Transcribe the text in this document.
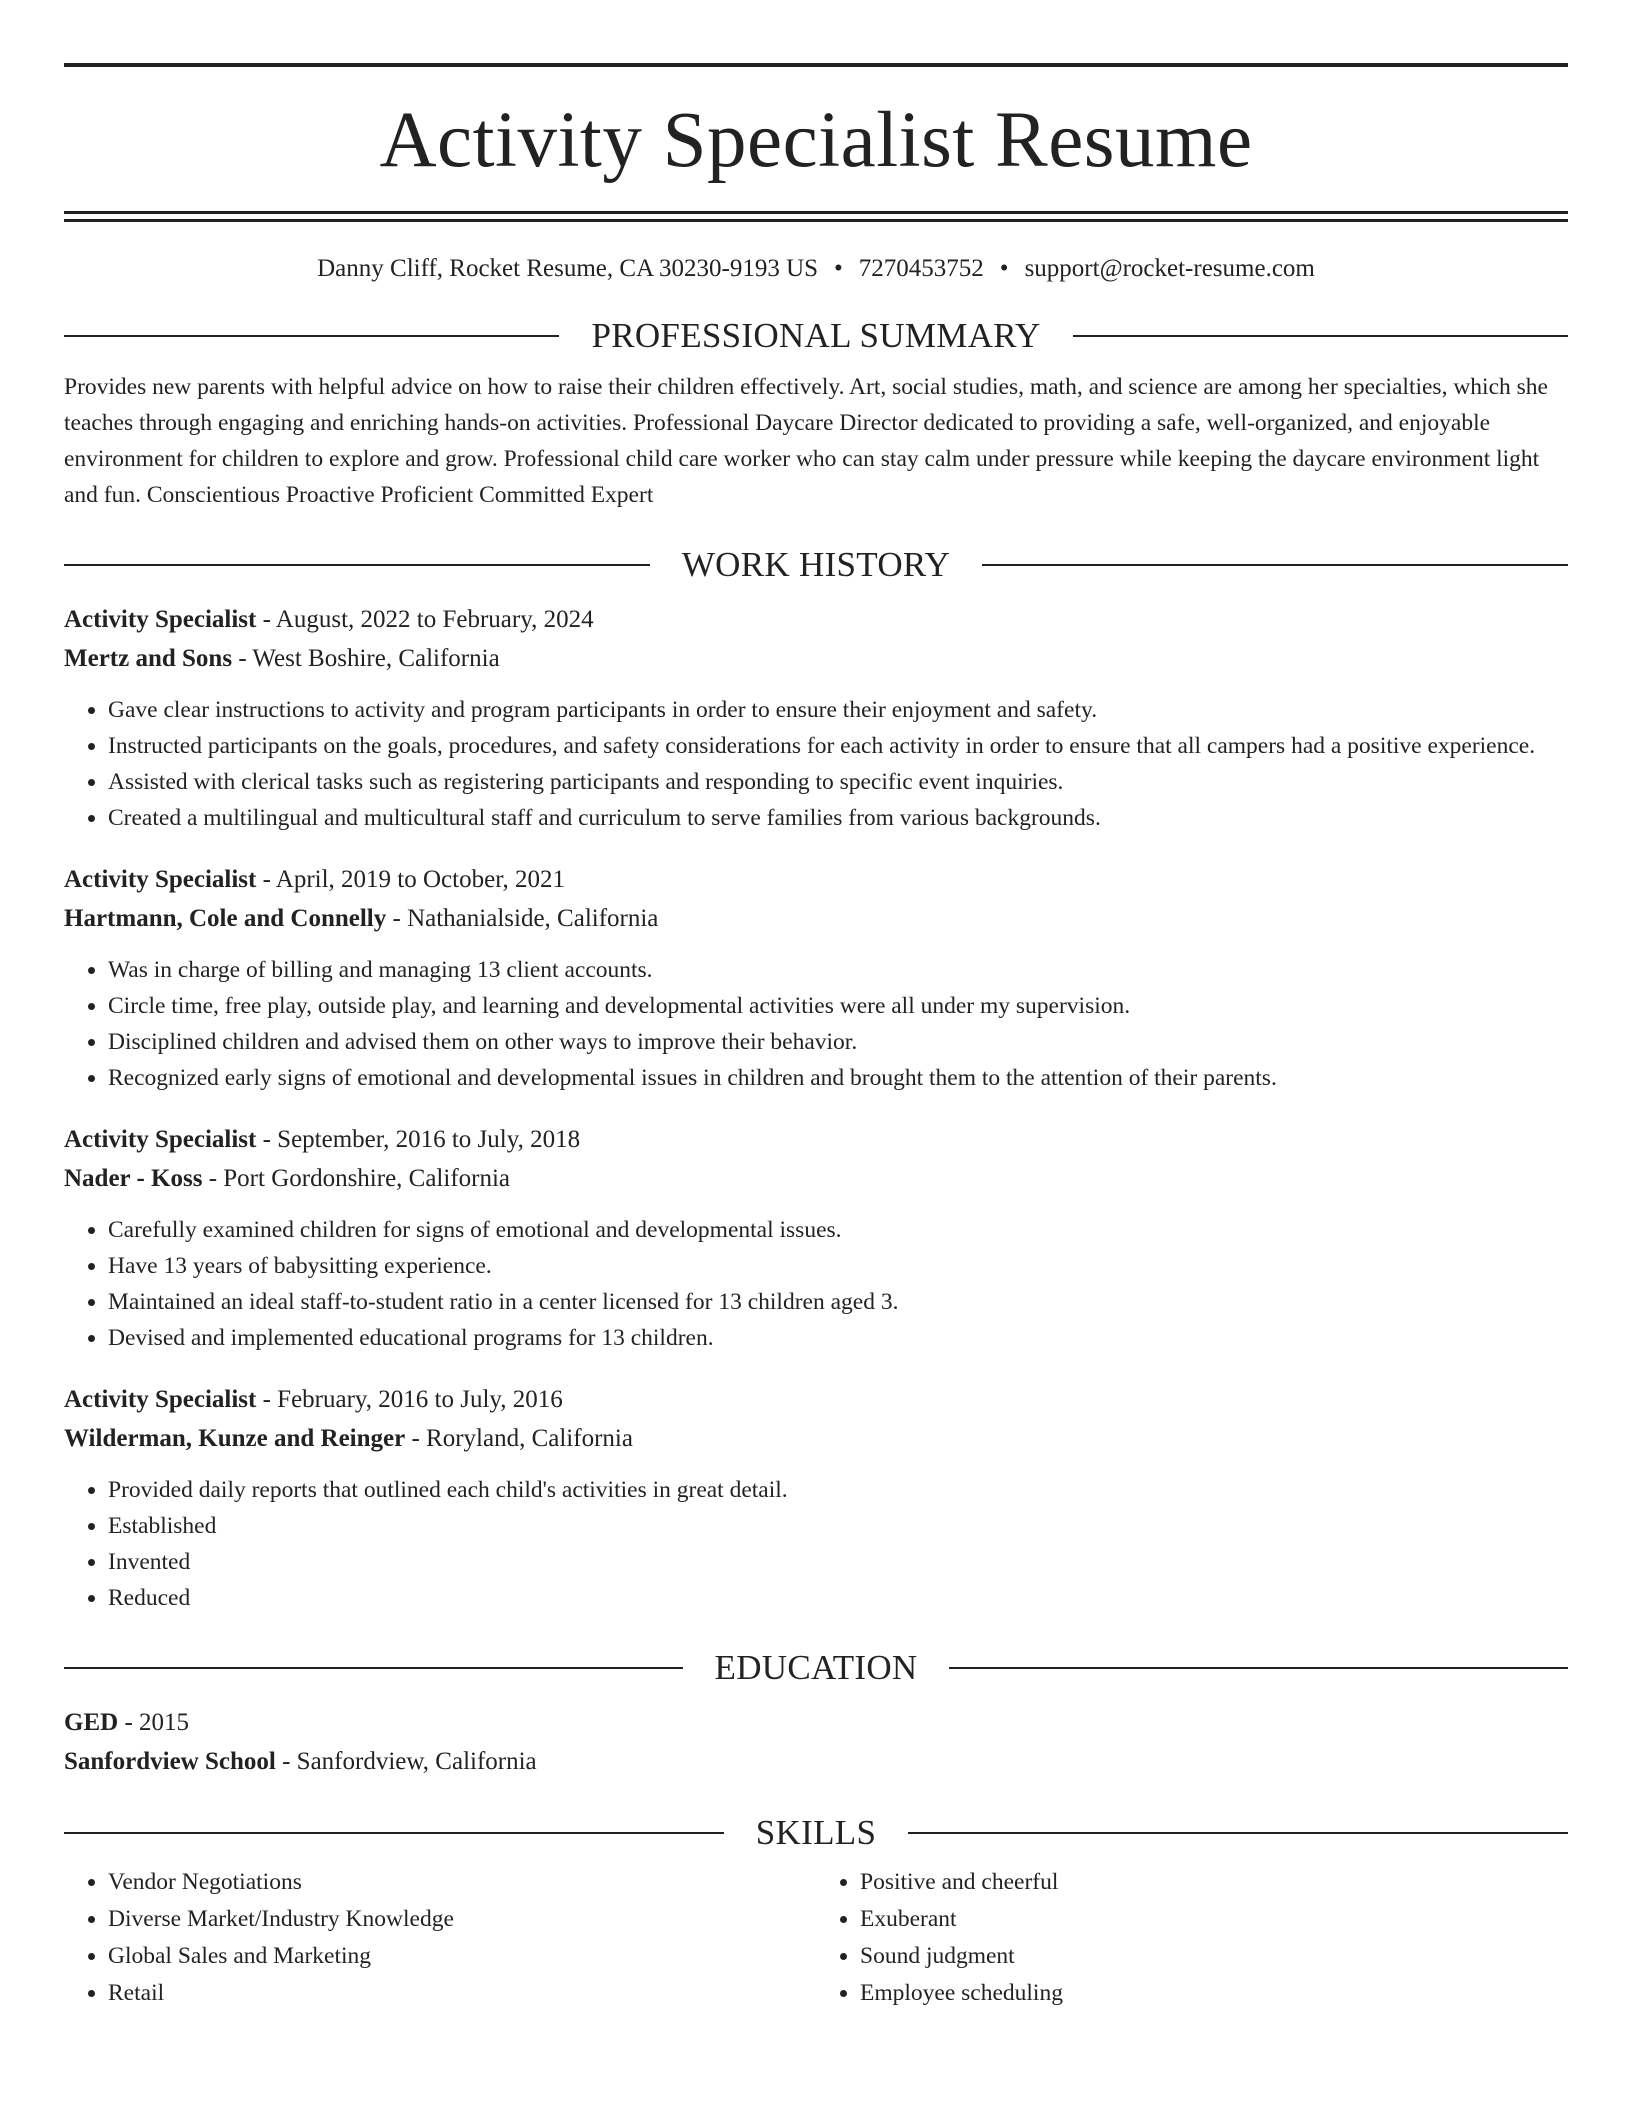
Activity Specialist Resume
Danny Cliff, Rocket Resume, CA 30230-9193 US • 7270453752 • support@rocket-resume.com
PROFESSIONAL SUMMARY
Provides new parents with helpful advice on how to raise their children effectively. Art, social studies, math, and science are among her specialties, which she teaches through engaging and enriching hands-on activities. Professional Daycare Director dedicated to providing a safe, well-organized, and enjoyable environment for children to explore and grow. Professional child care worker who can stay calm under pressure while keeping the daycare environment light and fun. Conscientious Proactive Proficient Committed Expert
WORK HISTORY
Activity Specialist - August, 2022 to February, 2024
Mertz and Sons - West Boshire, California
• Gave clear instructions to activity and program participants in order to ensure their enjoyment and safety.
• Instructed participants on the goals, procedures, and safety considerations for each activity in order to ensure that all campers had a positive experience.
• Assisted with clerical tasks such as registering participants and responding to specific event inquiries.
• Created a multilingual and multicultural staff and curriculum to serve families from various backgrounds.
Activity Specialist - April, 2019 to October, 2021
Hartmann, Cole and Connelly - Nathanialside, California
• Was in charge of billing and managing 13 client accounts.
• Circle time, free play, outside play, and learning and developmental activities were all under my supervision.
• Disciplined children and advised them on other ways to improve their behavior.
• Recognized early signs of emotional and developmental issues in children and brought them to the attention of their parents.
Activity Specialist - September, 2016 to July, 2018
Nader - Koss - Port Gordonshire, California
• Carefully examined children for signs of emotional and developmental issues.
• Have 13 years of babysitting experience.
• Maintained an ideal staff-to-student ratio in a center licensed for 13 children aged 3.
• Devised and implemented educational programs for 13 children.
Activity Specialist - February, 2016 to July, 2016
Wilderman, Kunze and Reinger - Roryland, California
• Provided daily reports that outlined each child's activities in great detail.
• Established
• Invented
• Reduced
EDUCATION
GED - 2015
Sanfordview School - Sanfordview, California
SKILLS
• Vendor Negotiations
• Diverse Market/Industry Knowledge
• Global Sales and Marketing
• Retail
• Positive and cheerful
• Exuberant
• Sound judgment
• Employee scheduling
